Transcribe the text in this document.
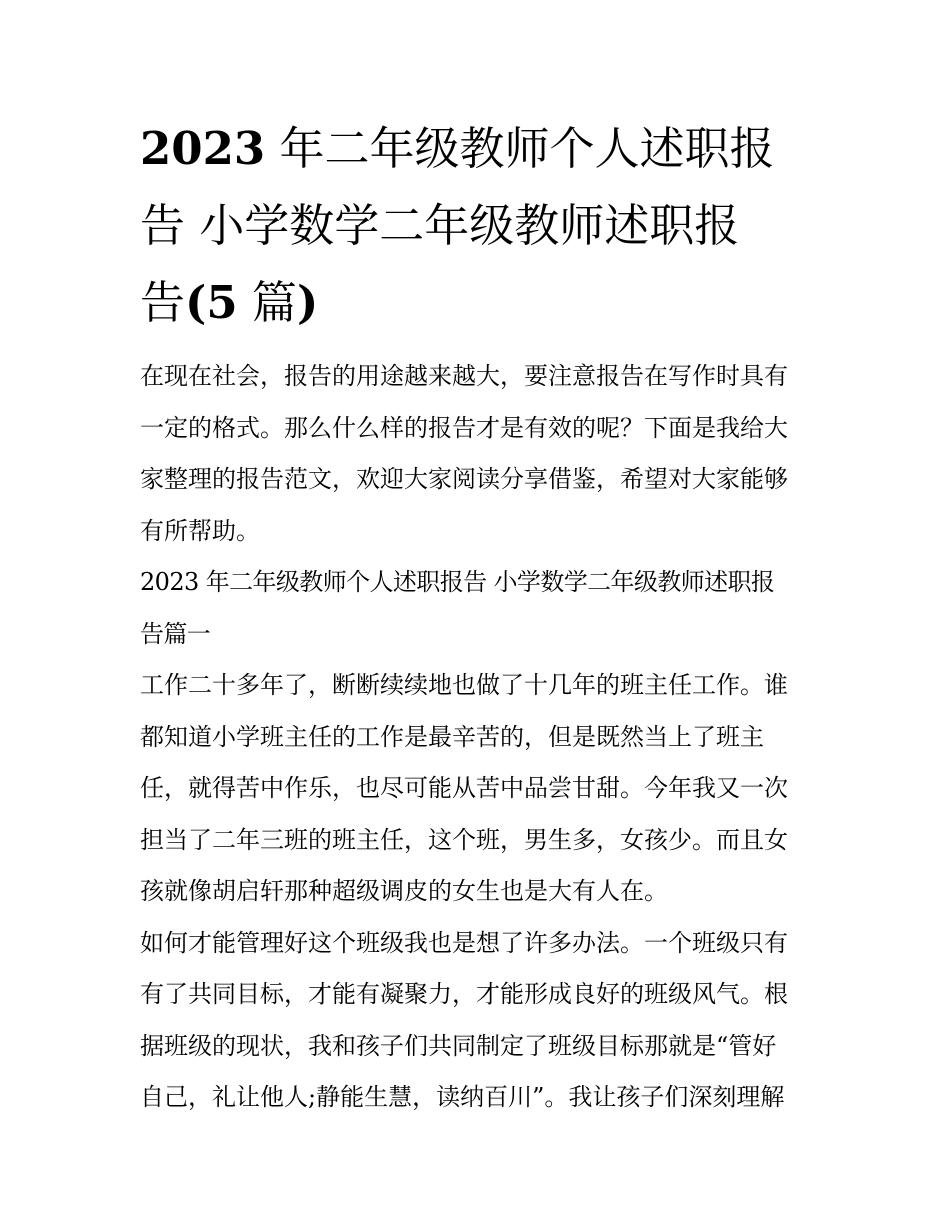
2023 年二年级教师个人述职报
告 小学数学二年级教师述职报
告(5 篇)
在现在社会，报告的用途越来越大，要注意报告在写作时具有
一定的格式。那么什么样的报告才是有效的呢？下面是我给大
家整理的报告范文，欢迎大家阅读分享借鉴，希望对大家能够
有所帮助。
2023 年二年级教师个人述职报告 小学数学二年级教师述职报
告篇一
工作二十多年了，断断续续地也做了十几年的班主任工作。谁
都知道小学班主任的工作是最辛苦的，但是既然当上了班主
任，就得苦中作乐，也尽可能从苦中品尝甘甜。今年我又一次
担当了二年三班的班主任，这个班，男生多，女孩少。而且女
孩就像胡启轩那种超级调皮的女生也是大有人在。
如何才能管理好这个班级我也是想了许多办法。一个班级只有
有了共同目标，才能有凝聚力，才能形成良好的班级风气。根
据班级的现状，我和孩子们共同制定了班级目标那就是“管好
自己，礼让他人;静能生慧，读纳百川”。我让孩子们深刻理解
